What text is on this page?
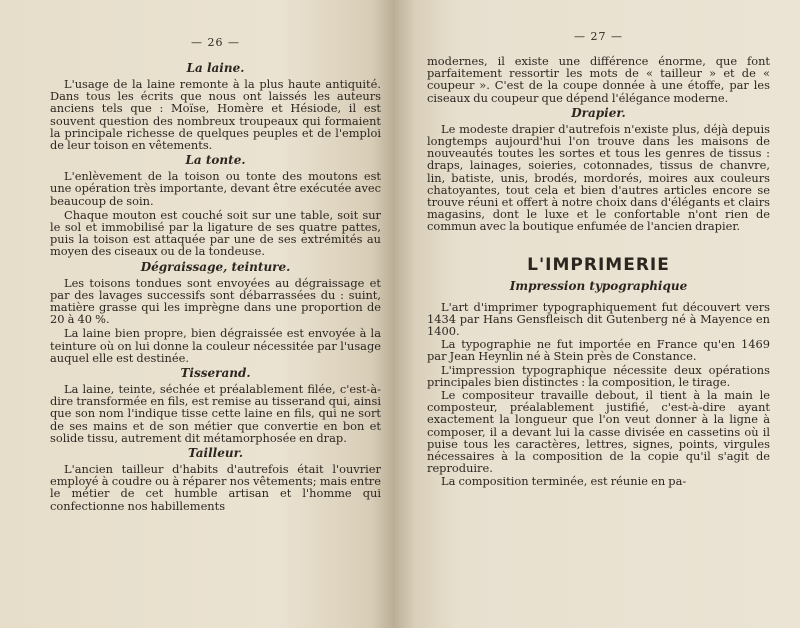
— 26 —
La laine.
L'usage de la laine remonte à la plus haute antiquité. Dans tous les écrits que nous ont laissés les auteurs anciens tels que : Moïse, Homère et Hésiode, il est souvent question des nombreux troupeaux qui formaient la principale richesse de quelques peuples et de l'emploi de leur toison en vêtements.
La tonte.
L'enlèvement de la toison ou tonte des moutons est une opération très importante, devant être exécutée avec beaucoup de soin.
Chaque mouton est couché soit sur une table, soit sur le sol et immobilisé par la ligature de ses quatre pattes, puis la toison est attaquée par une de ses extrémités au moyen des ciseaux ou de la tondeuse.
Dégraissage, teinture.
Les toisons tondues sont envoyées au dégraissage et par des lavages successifs sont débarrassées du : suint, matière grasse qui les imprègne dans une proportion de 20 à 40 %.
La laine bien propre, bien dégraissée est envoyée à la teinture où on lui donne la couleur nécessitée par l'usage auquel elle est destinée.
Tisserand.
La laine, teinte, séchée et préalablement filée, c'est-à-dire transformée en fils, est remise au tisserand qui, ainsi que son nom l'indique tisse cette laine en fils, qui ne sort de ses mains et de son métier que convertie en bon et solide tissu, autrement dit métamorphosée en drap.
Tailleur.
L'ancien tailleur d'habits d'autrefois était l'ouvrier employé à coudre ou à réparer nos vêtements; mais entre le métier de cet humble artisan et l'homme qui confectionne nos habillements
— 27 —
modernes, il existe une différence énorme, que font parfaitement ressortir les mots de « tailleur » et de « coupeur ». C'est de la coupe donnée à une étoffe, par les ciseaux du coupeur que dépend l'élégance moderne.
Drapier.
Le modeste drapier d'autrefois n'existe plus, déjà depuis longtemps aujourd'hui l'on trouve dans les maisons de nouveautés toutes les sortes et tous les genres de tissus : draps, lainages, soieries, cotonnades, tissus de chanvre, lin, batiste, unis, brodés, mordorés, moires aux couleurs chatoyantes, tout cela et bien d'autres articles encore se trouve réuni et offert à notre choix dans d'élégants et clairs magasins, dont le luxe et le confortable n'ont rien de commun avec la boutique enfumée de l'ancien drapier.
L'IMPRIMERIE
Impression typographique
L'art d'imprimer typographiquement fut découvert vers 1434 par Hans Gensfleisch dit Gutenberg né à Mayence en 1400.
La typographie ne fut importée en France qu'en 1469 par Jean Heynlin né à Stein près de Constance.
L'impression typographique nécessite deux opérations principales bien distinctes : la composition, le tirage.
Le compositeur travaille debout, il tient à la main le composteur, préalablement justifié, c'est-à-dire ayant exactement la longueur que l'on veut donner à la ligne à composer, il a devant lui la casse divisée en cassetins où il puise tous les caractères, lettres, signes, points, virgules nécessaires à la composition de la copie qu'il s'agit de reproduire.
La composition terminée, est réunie en pa-
